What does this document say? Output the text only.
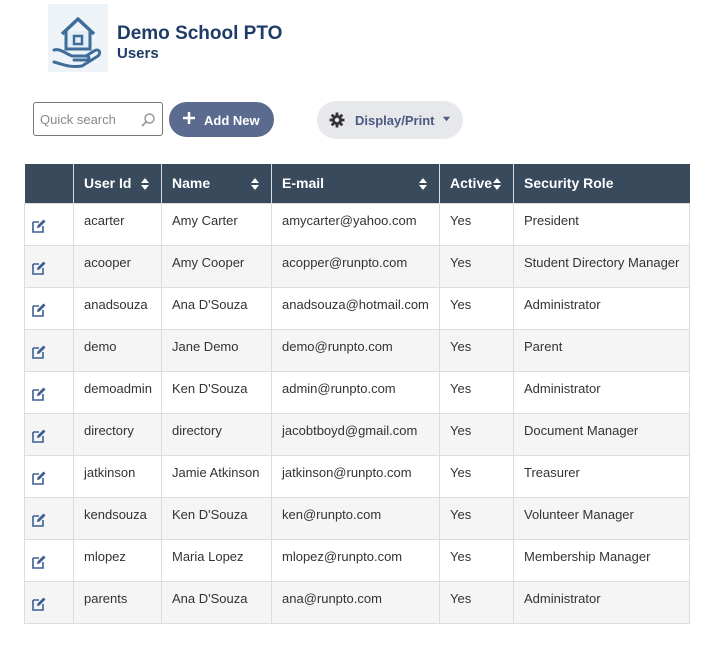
Demo School PTO
Users
Quick search
Add New	Display/Print
	User Id	Name	E-mail	Active	Security Role

acarter	Amy Carter	amycarter@yahoo.com	Yes	President

acooper	Amy Cooper	acopper@runpto.com	Yes	Student Directory Manager

anadsouza	Ana D'Souza	anadsouza@hotmail.com	Yes	Administrator

demo	Jane Demo	demo@runpto.com	Yes	Parent

demoadmin	Ken D'Souza	admin@runpto.com	Yes	Administrator

directory	directory	jacobtboyd@gmail.com	Yes	Document Manager

jatkinson	Jamie Atkinson	jatkinson@runpto.com	Yes	Treasurer

kendsouza	Ken D'Souza	ken@runpto.com	Yes	Volunteer Manager

mlopez	Maria Lopez	mlopez@runpto.com	Yes	Membership Manager

parents	Ana D'Souza	ana@runpto.com	Yes	Administrator
